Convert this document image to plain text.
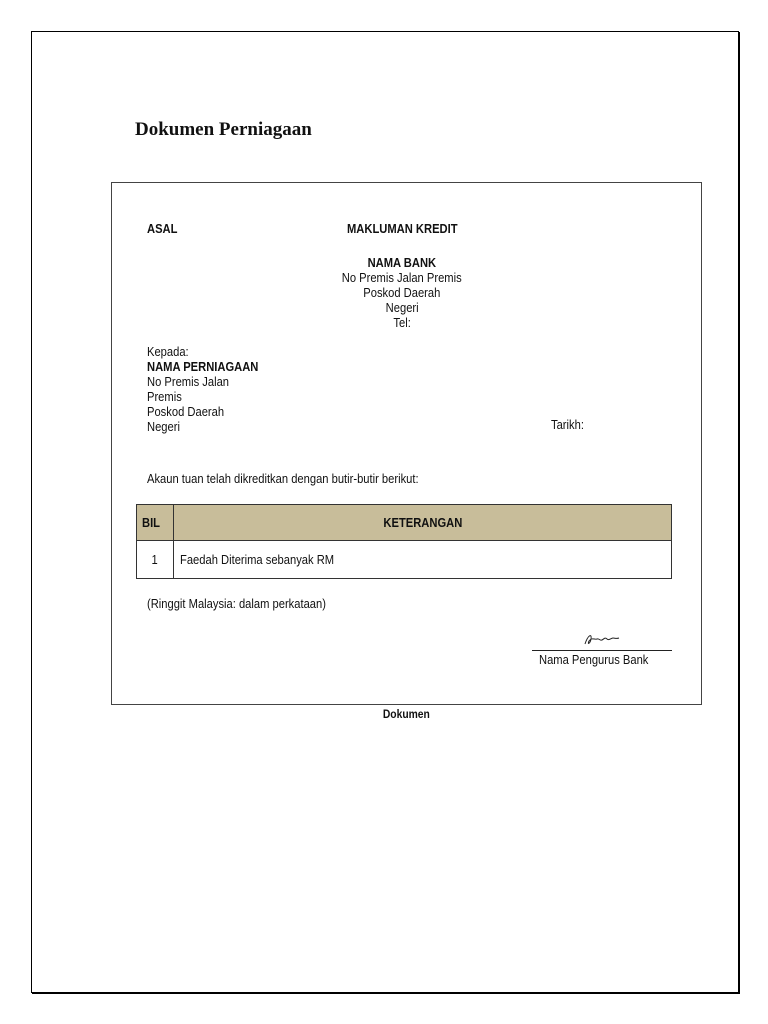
Dokumen Perniagaan
ASAL	MAKLUMAN KREDIT
NAMA BANK
No Premis Jalan Premis
Poskod Daerah
Negeri
Tel:
Kepada:
NAMA PERNIAGAAN
No Premis Jalan
Premis
Poskod Daerah
Negeri	Tarikh:
Akaun tuan telah dikreditkan dengan butir-butir berikut:
BIL	KETERANGAN
1	Faedah Diterima sebanyak RM
(Ringgit Malaysia: dalam perkataan)
Nama Pengurus Bank
Dokumen
